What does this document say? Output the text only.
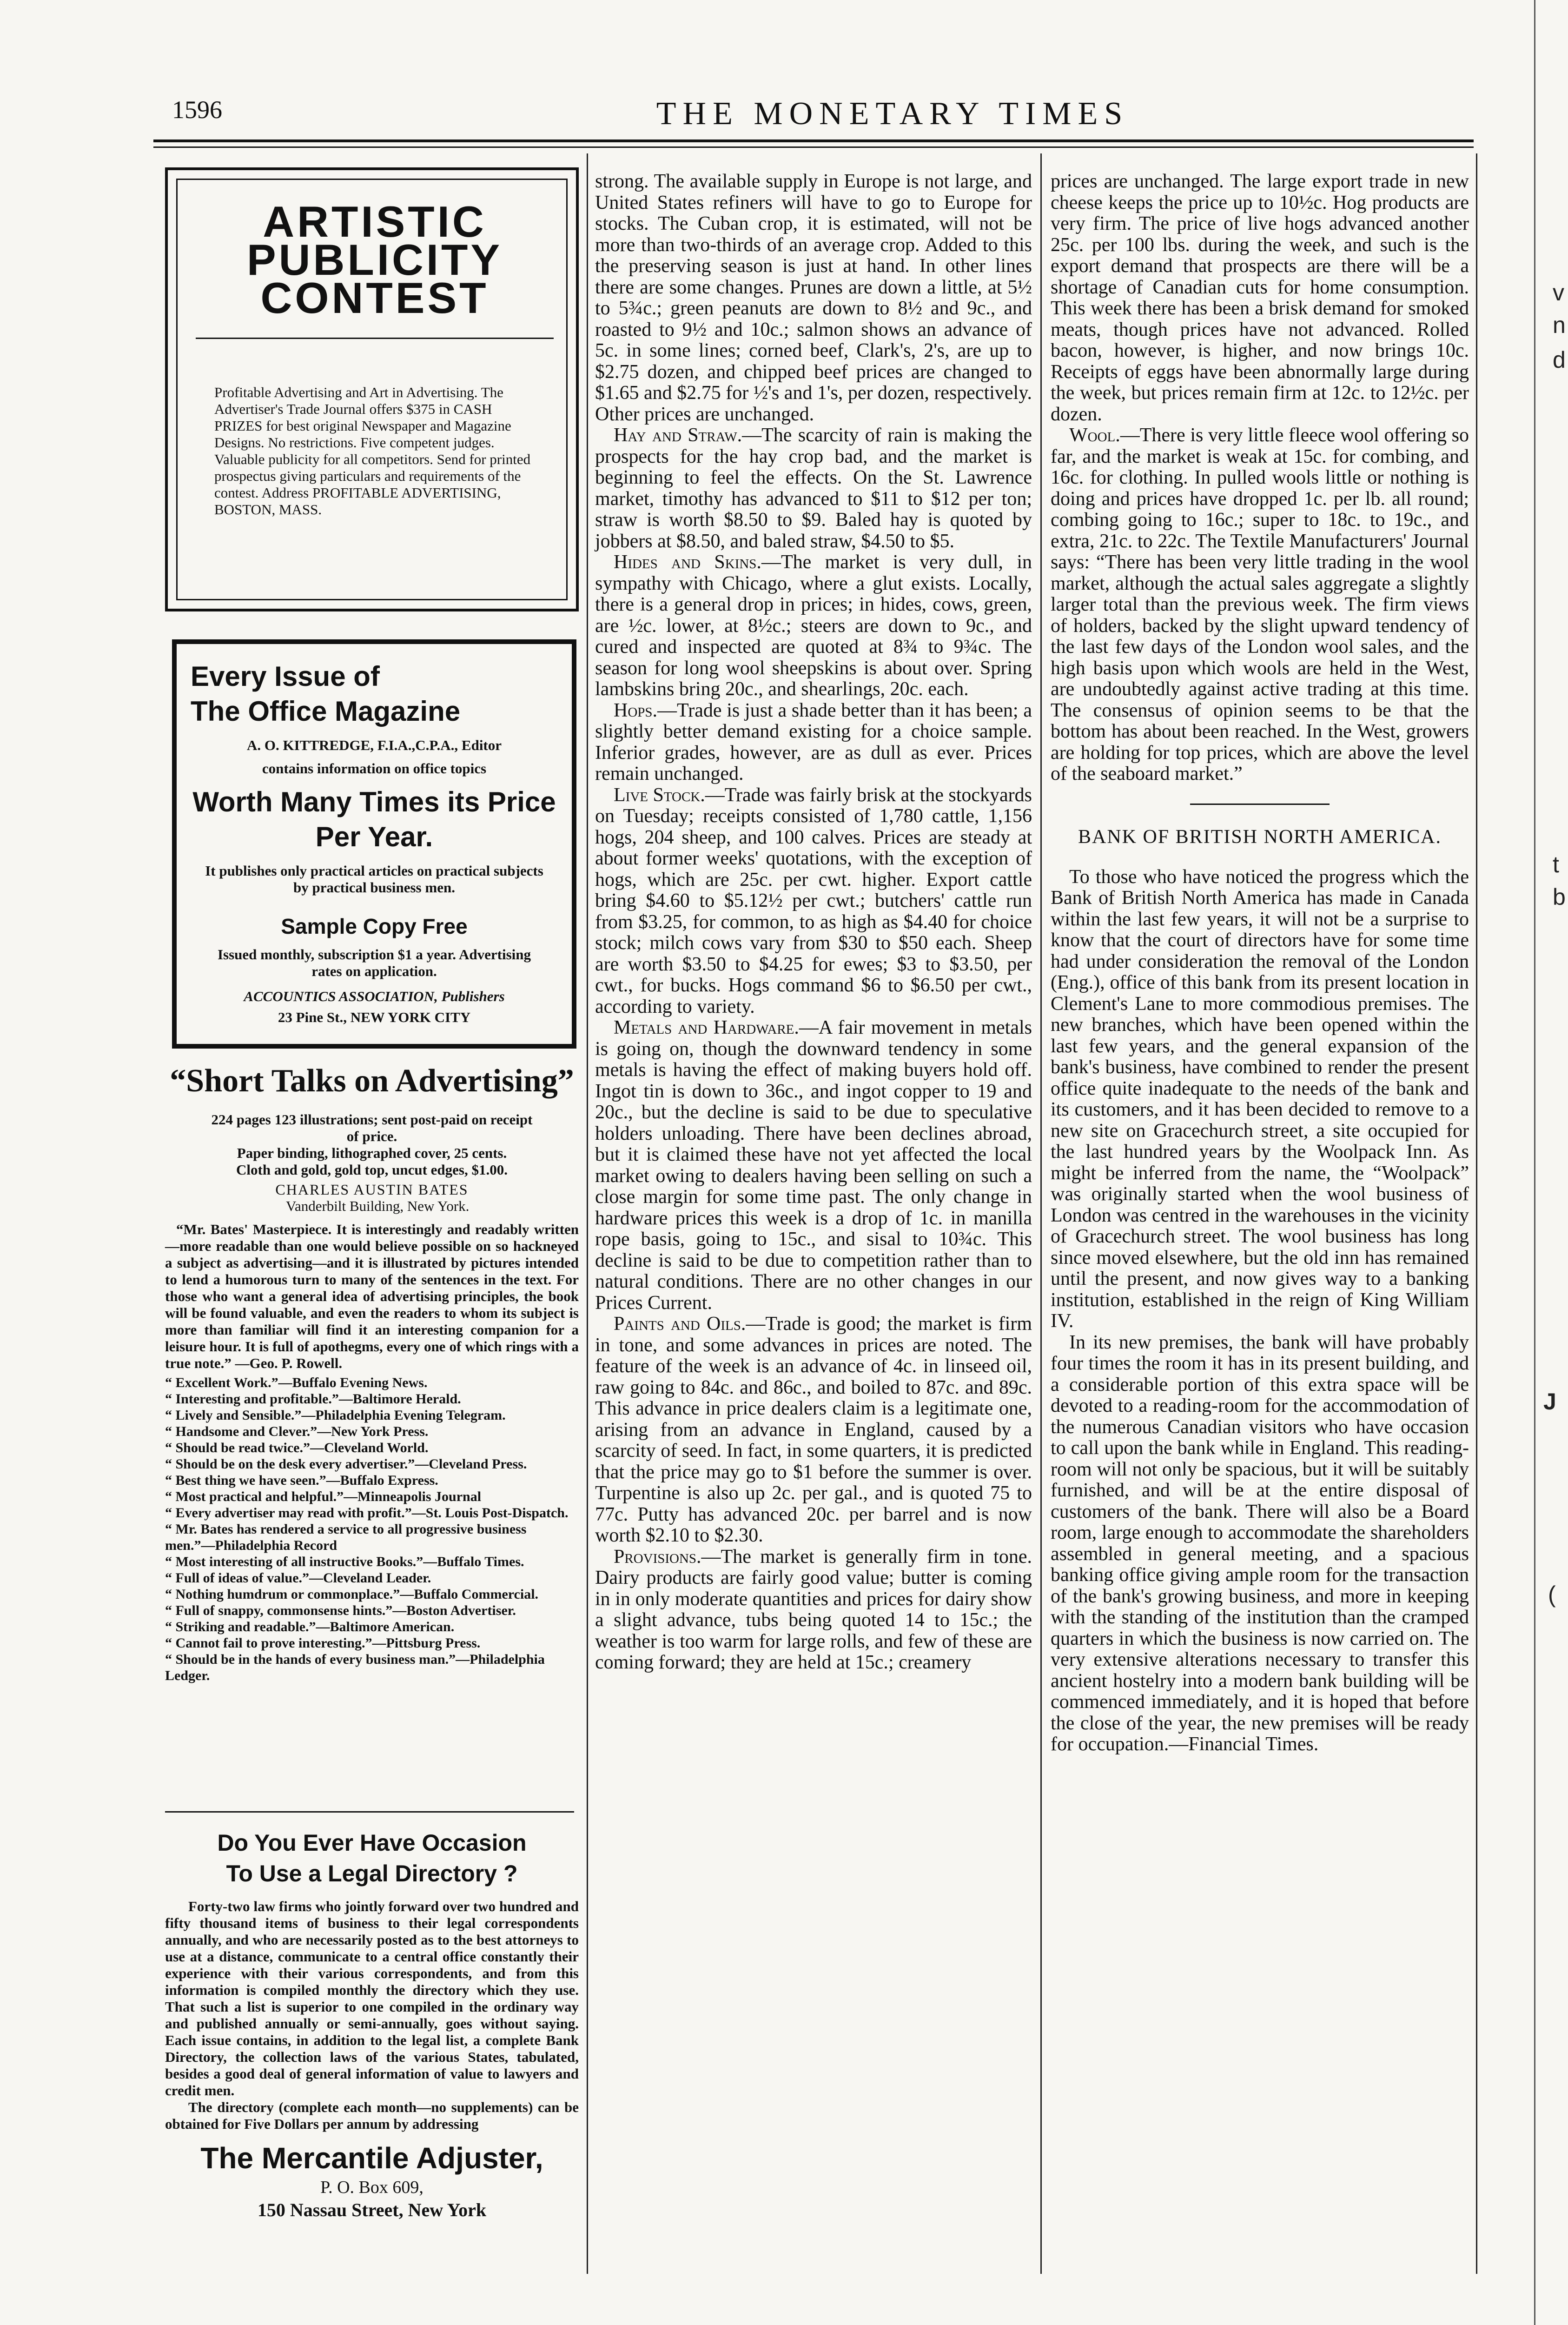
1596	THE MONETARY TIMES
ARTISTIC
PUBLICITY
CONTEST
Profitable Advertising and Art in Advertising. The Advertiser's Trade Journal offers $375 in CASH PRIZES for best original Newspaper and Magazine Designs. No restrictions. Five competent judges. Valuable publicity for all competitors. Send for printed prospectus giving particulars and requirements of the contest. Address PROFITABLE ADVERTISING, BOSTON, MASS.
Every Issue of
The Office Magazine
A. O. KITTREDGE, F.I.A.,C.P.A., Editor
contains information on office topics
Worth Many Times its Price
Per Year.
It publishes only practical articles on practical subjects by practical business men.
Sample Copy Free
Issued monthly, subscription $1 a year. Advertising rates on application.
ACCOUNTICS ASSOCIATION, Publishers
23 Pine St., NEW YORK CITY
“Short Talks on Advertising”
224 pages 123 illustrations; sent post-paid on receipt of price.
Paper binding, lithographed cover, 25 cents.
Cloth and gold, gold top, uncut edges, $1.00.
CHARLES AUSTIN BATES
Vanderbilt Building, New York.
“Mr. Bates' Masterpiece. It is interestingly and readably written—more readable than one would believe possible on so hackneyed a subject as advertising—and it is illustrated by pictures intended to lend a humorous turn to many of the sentences in the text. For those who want a general idea of advertising principles, the book will be found valuable, and even the readers to whom its subject is more than familiar will find it an interesting companion for a leisure hour. It is full of apothegms, every one of which rings with a true note.” —Geo. P. Rowell.
“ Excellent Work.”—Buffalo Evening News.
“ Interesting and profitable.”—Baltimore Herald.
“ Lively and Sensible.”—Philadelphia Evening Telegram.
“ Handsome and Clever.”—New York Press.
“ Should be read twice.”—Cleveland World.
“ Should be on the desk every advertiser.”—Cleveland Press.
“ Best thing we have seen.”—Buffalo Express.
“ Most practical and helpful.”—Minneapolis Journal
“ Every advertiser may read with profit.”—St. Louis Post-Dispatch.
“ Mr. Bates has rendered a service to all progressive business men.”—Philadelphia Record
“ Most interesting of all instructive Books.”—Buffalo Times.
“ Full of ideas of value.”—Cleveland Leader.
“ Nothing humdrum or commonplace.”—Buffalo Commercial.
“ Full of snappy, commonsense hints.”—Boston Advertiser.
“ Striking and readable.”—Baltimore American.
“ Cannot fail to prove interesting.”—Pittsburg Press.
“ Should be in the hands of every business man.”—Philadelphia Ledger.
Do You Ever Have Occasion
To Use a Legal Directory ?
Forty-two law firms who jointly forward over two hundred and fifty thousand items of business to their legal correspondents annually, and who are necessarily posted as to the best attorneys to use at a distance, communicate to a central office constantly their experience with their various correspondents, and from this information is compiled monthly the directory which they use. That such a list is superior to one compiled in the ordinary way and published annually or semi-annually, goes without saying. Each issue contains, in addition to the legal list, a complete Bank Directory, the collection laws of the various States, tabulated, besides a good deal of general information of value to lawyers and credit men.
The directory (complete each month—no supplements) can be obtained for Five Dollars per annum by addressing
The Mercantile Adjuster,
P. O. Box 609,
150 Nassau Street, New York

strong. The available supply in Europe is not large, and United States refiners will have to go to Europe for stocks. The Cuban crop, it is estimated, will not be more than two-thirds of an average crop. Added to this the preserving season is just at hand. In other lines there are some changes. Prunes are down a little, at 5½ to 5¾c.; green peanuts are down to 8½ and 9c., and roasted to 9½ and 10c.; salmon shows an advance of 5c. in some lines; corned beef, Clark's, 2's, are up to $2.75 dozen, and chipped beef prices are changed to $1.65 and $2.75 for ½'s and 1's, per dozen, respectively. Other prices are unchanged.

Hay and Straw.—The scarcity of rain is making the prospects for the hay crop bad, and the market is beginning to feel the effects. On the St. Lawrence market, timothy has advanced to $11 to $12 per ton; straw is worth $8.50 to $9. Baled hay is quoted by jobbers at $8.50, and baled straw, $4.50 to $5.

Hides and Skins.—The market is very dull, in sympathy with Chicago, where a glut exists. Locally, there is a general drop in prices; in hides, cows, green, are ½c. lower, at 8½c.; steers are down to 9c., and cured and inspected are quoted at 8¾ to 9¾c. The season for long wool sheepskins is about over. Spring lambskins bring 20c., and shearlings, 20c. each.

Hops.—Trade is just a shade better than it has been; a slightly better demand existing for a choice sample. Inferior grades, however, are as dull as ever. Prices remain unchanged.

Live Stock.—Trade was fairly brisk at the stockyards on Tuesday; receipts consisted of 1,780 cattle, 1,156 hogs, 204 sheep, and 100 calves. Prices are steady at about former weeks' quotations, with the exception of hogs, which are 25c. per cwt. higher. Export cattle bring $4.60 to $5.12½ per cwt.; butchers' cattle run from $3.25, for common, to as high as $4.40 for choice stock; milch cows vary from $30 to $50 each. Sheep are worth $3.50 to $4.25 for ewes; $3 to $3.50, per cwt., for bucks. Hogs command $6 to $6.50 per cwt., according to variety.

Metals and Hardware.—A fair movement in metals is going on, though the downward tendency in some metals is having the effect of making buyers hold off. Ingot tin is down to 36c., and ingot copper to 19 and 20c., but the decline is said to be due to speculative holders unloading. There have been declines abroad, but it is claimed these have not yet affected the local market owing to dealers having been selling on such a close margin for some time past. The only change in hardware prices this week is a drop of 1c. in manilla rope basis, going to 15c., and sisal to 10¾c. This decline is said to be due to competition rather than to natural conditions. There are no other changes in our Prices Current.

Paints and Oils.—Trade is good; the market is firm in tone, and some advances in prices are noted. The feature of the week is an advance of 4c. in linseed oil, raw going to 84c. and 86c., and boiled to 87c. and 89c. This advance in price dealers claim is a legitimate one, arising from an advance in England, caused by a scarcity of seed. In fact, in some quarters, it is predicted that the price may go to $1 before the summer is over. Turpentine is also up 2c. per gal., and is quoted 75 to 77c. Putty has advanced 20c. per barrel and is now worth $2.10 to $2.30.

Provisions.—The market is generally firm in tone. Dairy products are fairly good value; butter is coming in in only moderate quantities and prices for dairy show a slight advance, tubs being quoted 14 to 15c.; the weather is too warm for large rolls, and few of these are coming forward; they are held at 15c.; creamery

prices are unchanged. The large export trade in new cheese keeps the price up to 10½c. Hog products are very firm. The price of live hogs advanced another 25c. per 100 lbs. during the week, and such is the export demand that prospects are there will be a shortage of Canadian cuts for home consumption. This week there has been a brisk demand for smoked meats, though prices have not advanced. Rolled bacon, however, is higher, and now brings 10c. Receipts of eggs have been abnormally large during the week, but prices remain firm at 12c. to 12½c. per dozen.

Wool.—There is very little fleece wool offering so far, and the market is weak at 15c. for combing, and 16c. for clothing. In pulled wools little or nothing is doing and prices have dropped 1c. per lb. all round; combing going to 16c.; super to 18c. to 19c., and extra, 21c. to 22c. The Textile Manufacturers' Journal says: “There has been very little trading in the wool market, although the actual sales aggregate a slightly larger total than the previous week. The firm views of holders, backed by the slight upward tendency of the last few days of the London wool sales, and the high basis upon which wools are held in the West, are undoubtedly against active trading at this time. The consensus of opinion seems to be that the bottom has about been reached. In the West, growers are holding for top prices, which are above the level of the seaboard market.”

BANK OF BRITISH NORTH AMERICA.

To those who have noticed the progress which the Bank of British North America has made in Canada within the last few years, it will not be a surprise to know that the court of directors have for some time had under consideration the removal of the London (Eng.), office of this bank from its present location in Clement's Lane to more commodious premises. The new branches, which have been opened within the last few years, and the general expansion of the bank's business, have combined to render the present office quite inadequate to the needs of the bank and its customers, and it has been decided to remove to a new site on Gracechurch street, a site occupied for the last hundred years by the Woolpack Inn. As might be inferred from the name, the “Woolpack” was originally started when the wool business of London was centred in the warehouses in the vicinity of Gracechurch street. The wool business has long since moved elsewhere, but the old inn has remained until the present, and now gives way to a banking institution, established in the reign of King William IV.

In its new premises, the bank will have probably four times the room it has in its present building, and a considerable portion of this extra space will be devoted to a reading-room for the accommodation of the numerous Canadian visitors who have occasion to call upon the bank while in England. This reading-room will not only be spacious, but it will be suitably furnished, and will be at the entire disposal of customers of the bank. There will also be a Board room, large enough to accommodate the shareholders assembled in general meeting, and a spacious banking office giving ample room for the transaction of the bank's growing business, and more in keeping with the standing of the institution than the cramped quarters in which the business is now carried on. The very extensive alterations necessary to transfer this ancient hostelry into a modern bank building will be commenced immediately, and it is hoped that before the close of the year, the new premises will be ready for occupation.—Financial Times.

v
n
d
t
b
J
(
